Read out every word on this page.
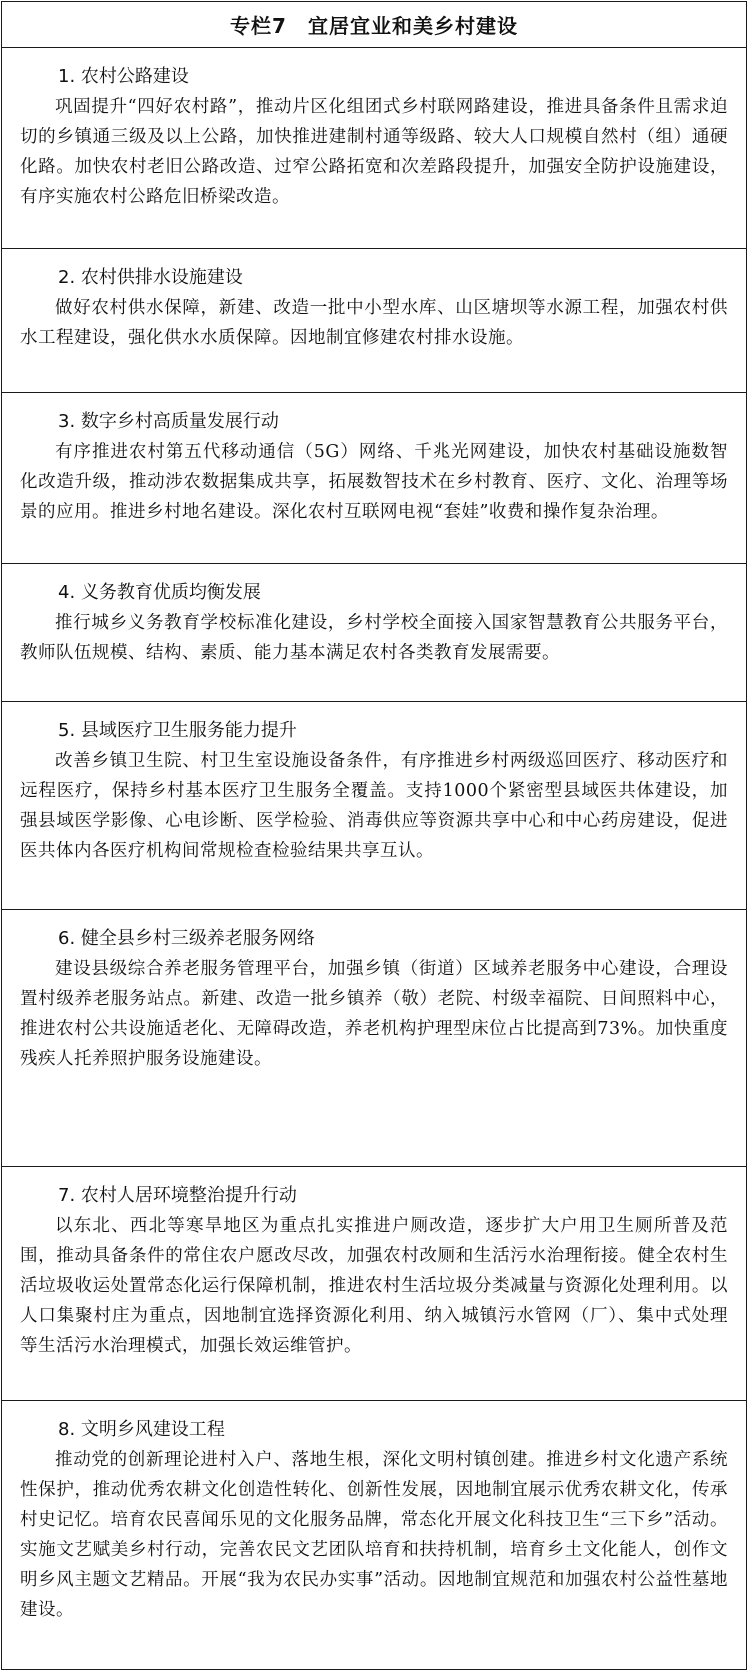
专栏7　宜居宜业和美乡村建设
1. 农村公路建设
巩固提升“四好农村路”，推动片区化组团式乡村联网路建设，推进具备条件且需求迫切的乡镇通三级及以上公路，加快推进建制村通等级路、较大人口规模自然村（组）通硬化路。加快农村老旧公路改造、过窄公路拓宽和次差路段提升，加强安全防护设施建设，有序实施农村公路危旧桥梁改造。
2. 农村供排水设施建设
做好农村供水保障，新建、改造一批中小型水库、山区塘坝等水源工程，加强农村供水工程建设，强化供水水质保障。因地制宜修建农村排水设施。
3. 数字乡村高质量发展行动
有序推进农村第五代移动通信（5G）网络、千兆光网建设，加快农村基础设施数智化改造升级，推动涉农数据集成共享，拓展数智技术在乡村教育、医疗、文化、治理等场景的应用。推进乡村地名建设。深化农村互联网电视“套娃”收费和操作复杂治理。
4. 义务教育优质均衡发展
推行城乡义务教育学校标准化建设，乡村学校全面接入国家智慧教育公共服务平台，教师队伍规模、结构、素质、能力基本满足农村各类教育发展需要。
5. 县域医疗卫生服务能力提升
改善乡镇卫生院、村卫生室设施设备条件，有序推进乡村两级巡回医疗、移动医疗和远程医疗，保持乡村基本医疗卫生服务全覆盖。支持1000个紧密型县域医共体建设，加强县域医学影像、心电诊断、医学检验、消毒供应等资源共享中心和中心药房建设，促进医共体内各医疗机构间常规检查检验结果共享互认。
6. 健全县乡村三级养老服务网络
建设县级综合养老服务管理平台，加强乡镇（街道）区域养老服务中心建设，合理设置村级养老服务站点。新建、改造一批乡镇养（敬）老院、村级幸福院、日间照料中心，推进农村公共设施适老化、无障碍改造，养老机构护理型床位占比提高到73%。加快重度残疾人托养照护服务设施建设。
7. 农村人居环境整治提升行动
以东北、西北等寒旱地区为重点扎实推进户厕改造，逐步扩大户用卫生厕所普及范围，推动具备条件的常住农户愿改尽改，加强农村改厕和生活污水治理衔接。健全农村生活垃圾收运处置常态化运行保障机制，推进农村生活垃圾分类减量与资源化处理利用。以人口集聚村庄为重点，因地制宜选择资源化利用、纳入城镇污水管网（厂）、集中式处理等生活污水治理模式，加强长效运维管护。
8. 文明乡风建设工程
推动党的创新理论进村入户、落地生根，深化文明村镇创建。推进乡村文化遗产系统性保护，推动优秀农耕文化创造性转化、创新性发展，因地制宜展示优秀农耕文化，传承村史记忆。培育农民喜闻乐见的文化服务品牌，常态化开展文化科技卫生“三下乡”活动。实施文艺赋美乡村行动，完善农民文艺团队培育和扶持机制，培育乡土文化能人，创作文明乡风主题文艺精品。开展“我为农民办实事”活动。因地制宜规范和加强农村公益性墓地建设。
